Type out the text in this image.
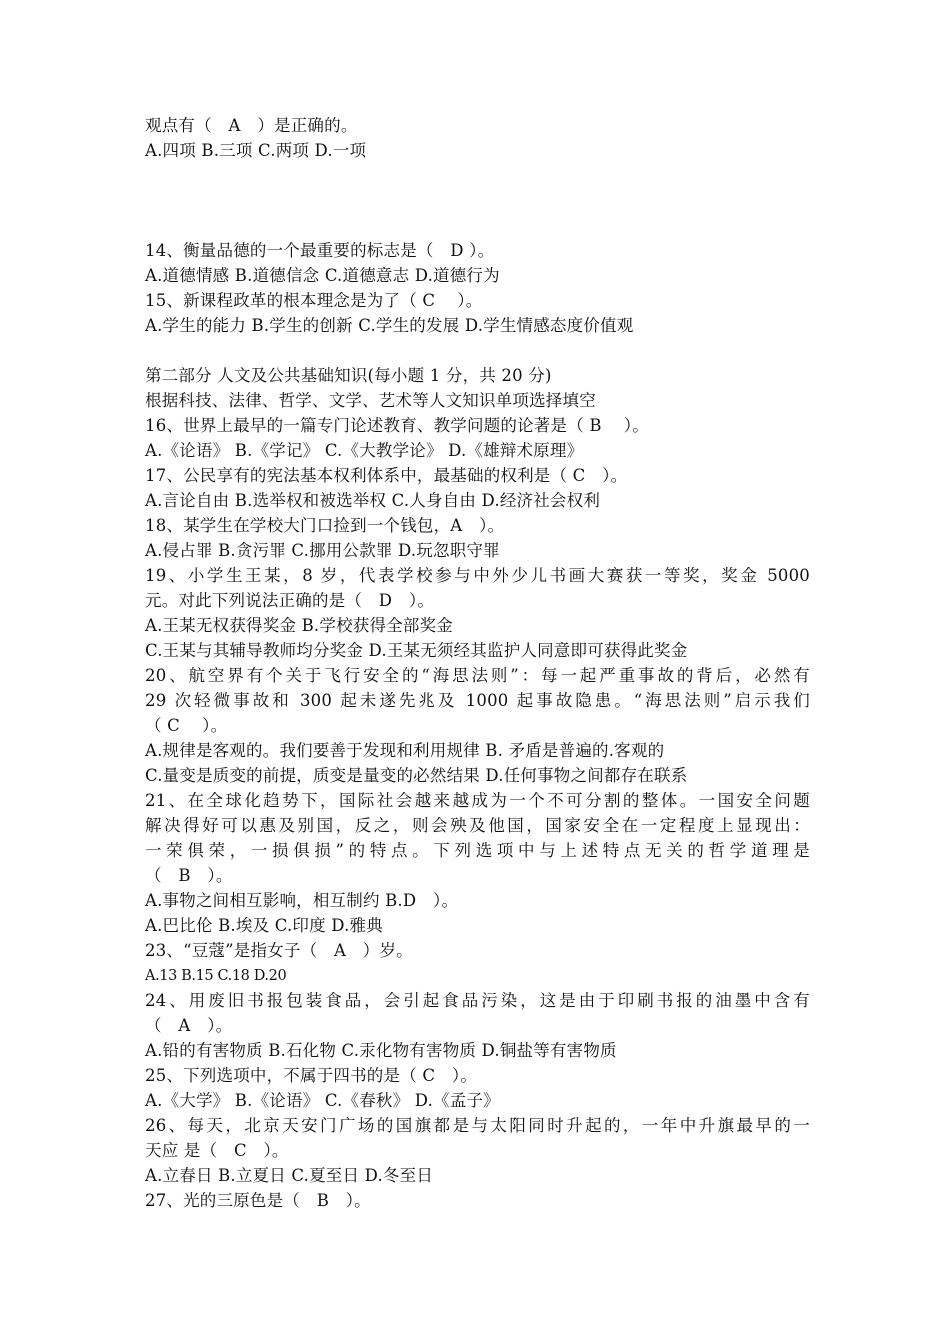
观点有（　A　）是正确的。
A.四项 B.三项 C.两项 D.一项
14、衡量品德的一个最重要的标志是（　D ）。
A.道德情感 B.道德信念 C.道德意志 D.道德行为
15、新课程政革的根本理念是为了（ C　 ）。
A.学生的能力 B.学生的创新 C.学生的发展 D.学生情感态度价值观
第二部分 人文及公共基础知识(每小题 1 分，共 20 分)
根据科技、法律、哲学、文学、艺术等人文知识单项选择填空
16、世界上最早的一篇专门论述教育、教学问题的论著是（ B　 ）。
A.《论语》 B.《学记》 C.《大教学论》 D.《雄辩术原理》
17、公民享有的宪法基本权利体系中，最基础的权利是（ C　）。
A.言论自由 B.选举权和被选举权 C.人身自由 D.经济社会权利
18、某学生在学校大门口捡到一个钱包，A　）。
A.侵占罪 B.贪污罪 C.挪用公款罪 D.玩忽职守罪
19、小学生王某，8 岁，代表学校参与中外少儿书画大赛获一等奖，奖金 5000
元。对此下列说法正确的是（　D　）。
A.王某无权获得奖金 B.学校获得全部奖金
C.王某与其辅导教师均分奖金 D.王某无须经其监护人同意即可获得此奖金
20、航空界有个关于飞行安全的“海思法则”：每一起严重事故的背后，必然有
29 次轻微事故和 300 起未遂先兆及 1000 起事故隐患。“海思法则”启示我们
（ C　 ）。
A.规律是客观的。我们要善于发现和利用规律 B. 矛盾是普遍的.客观的
C.量变是质变的前提，质变是量变的必然结果 D.任何事物之间都存在联系
21、在全球化趋势下，国际社会越来越成为一个不可分割的整体。一国安全问题
解决得好可以惠及别国，反之，则会殃及他国，国家安全在一定程度上显现出：
一荣俱荣，一损俱损”的特点。下列选项中与上述特点无关的哲学道理是
（　B　）。
A.事物之间相互影响，相互制约 B.D　）。
A.巴比伦 B.埃及 C.印度 D.雅典
23、“豆蔻”是指女子（　A　）岁。
A.13 B.15 C.18 D.20
24、用废旧书报包装食品，会引起食品污染，这是由于印刷书报的油墨中含有
（　A　）。
A.铅的有害物质 B.石化物 C.汞化物有害物质 D.铜盐等有害物质
25、下列选项中，不属于四书的是（ C　）。
A.《大学》 B.《论语》 C.《春秋》 D.《孟子》
26、每天，北京天安门广场的国旗都是与太阳同时升起的，一年中升旗最早的一
天应 是（　C　）。
A.立春日 B.立夏日 C.夏至日 D.冬至日
27、光的三原色是（　B　）。
